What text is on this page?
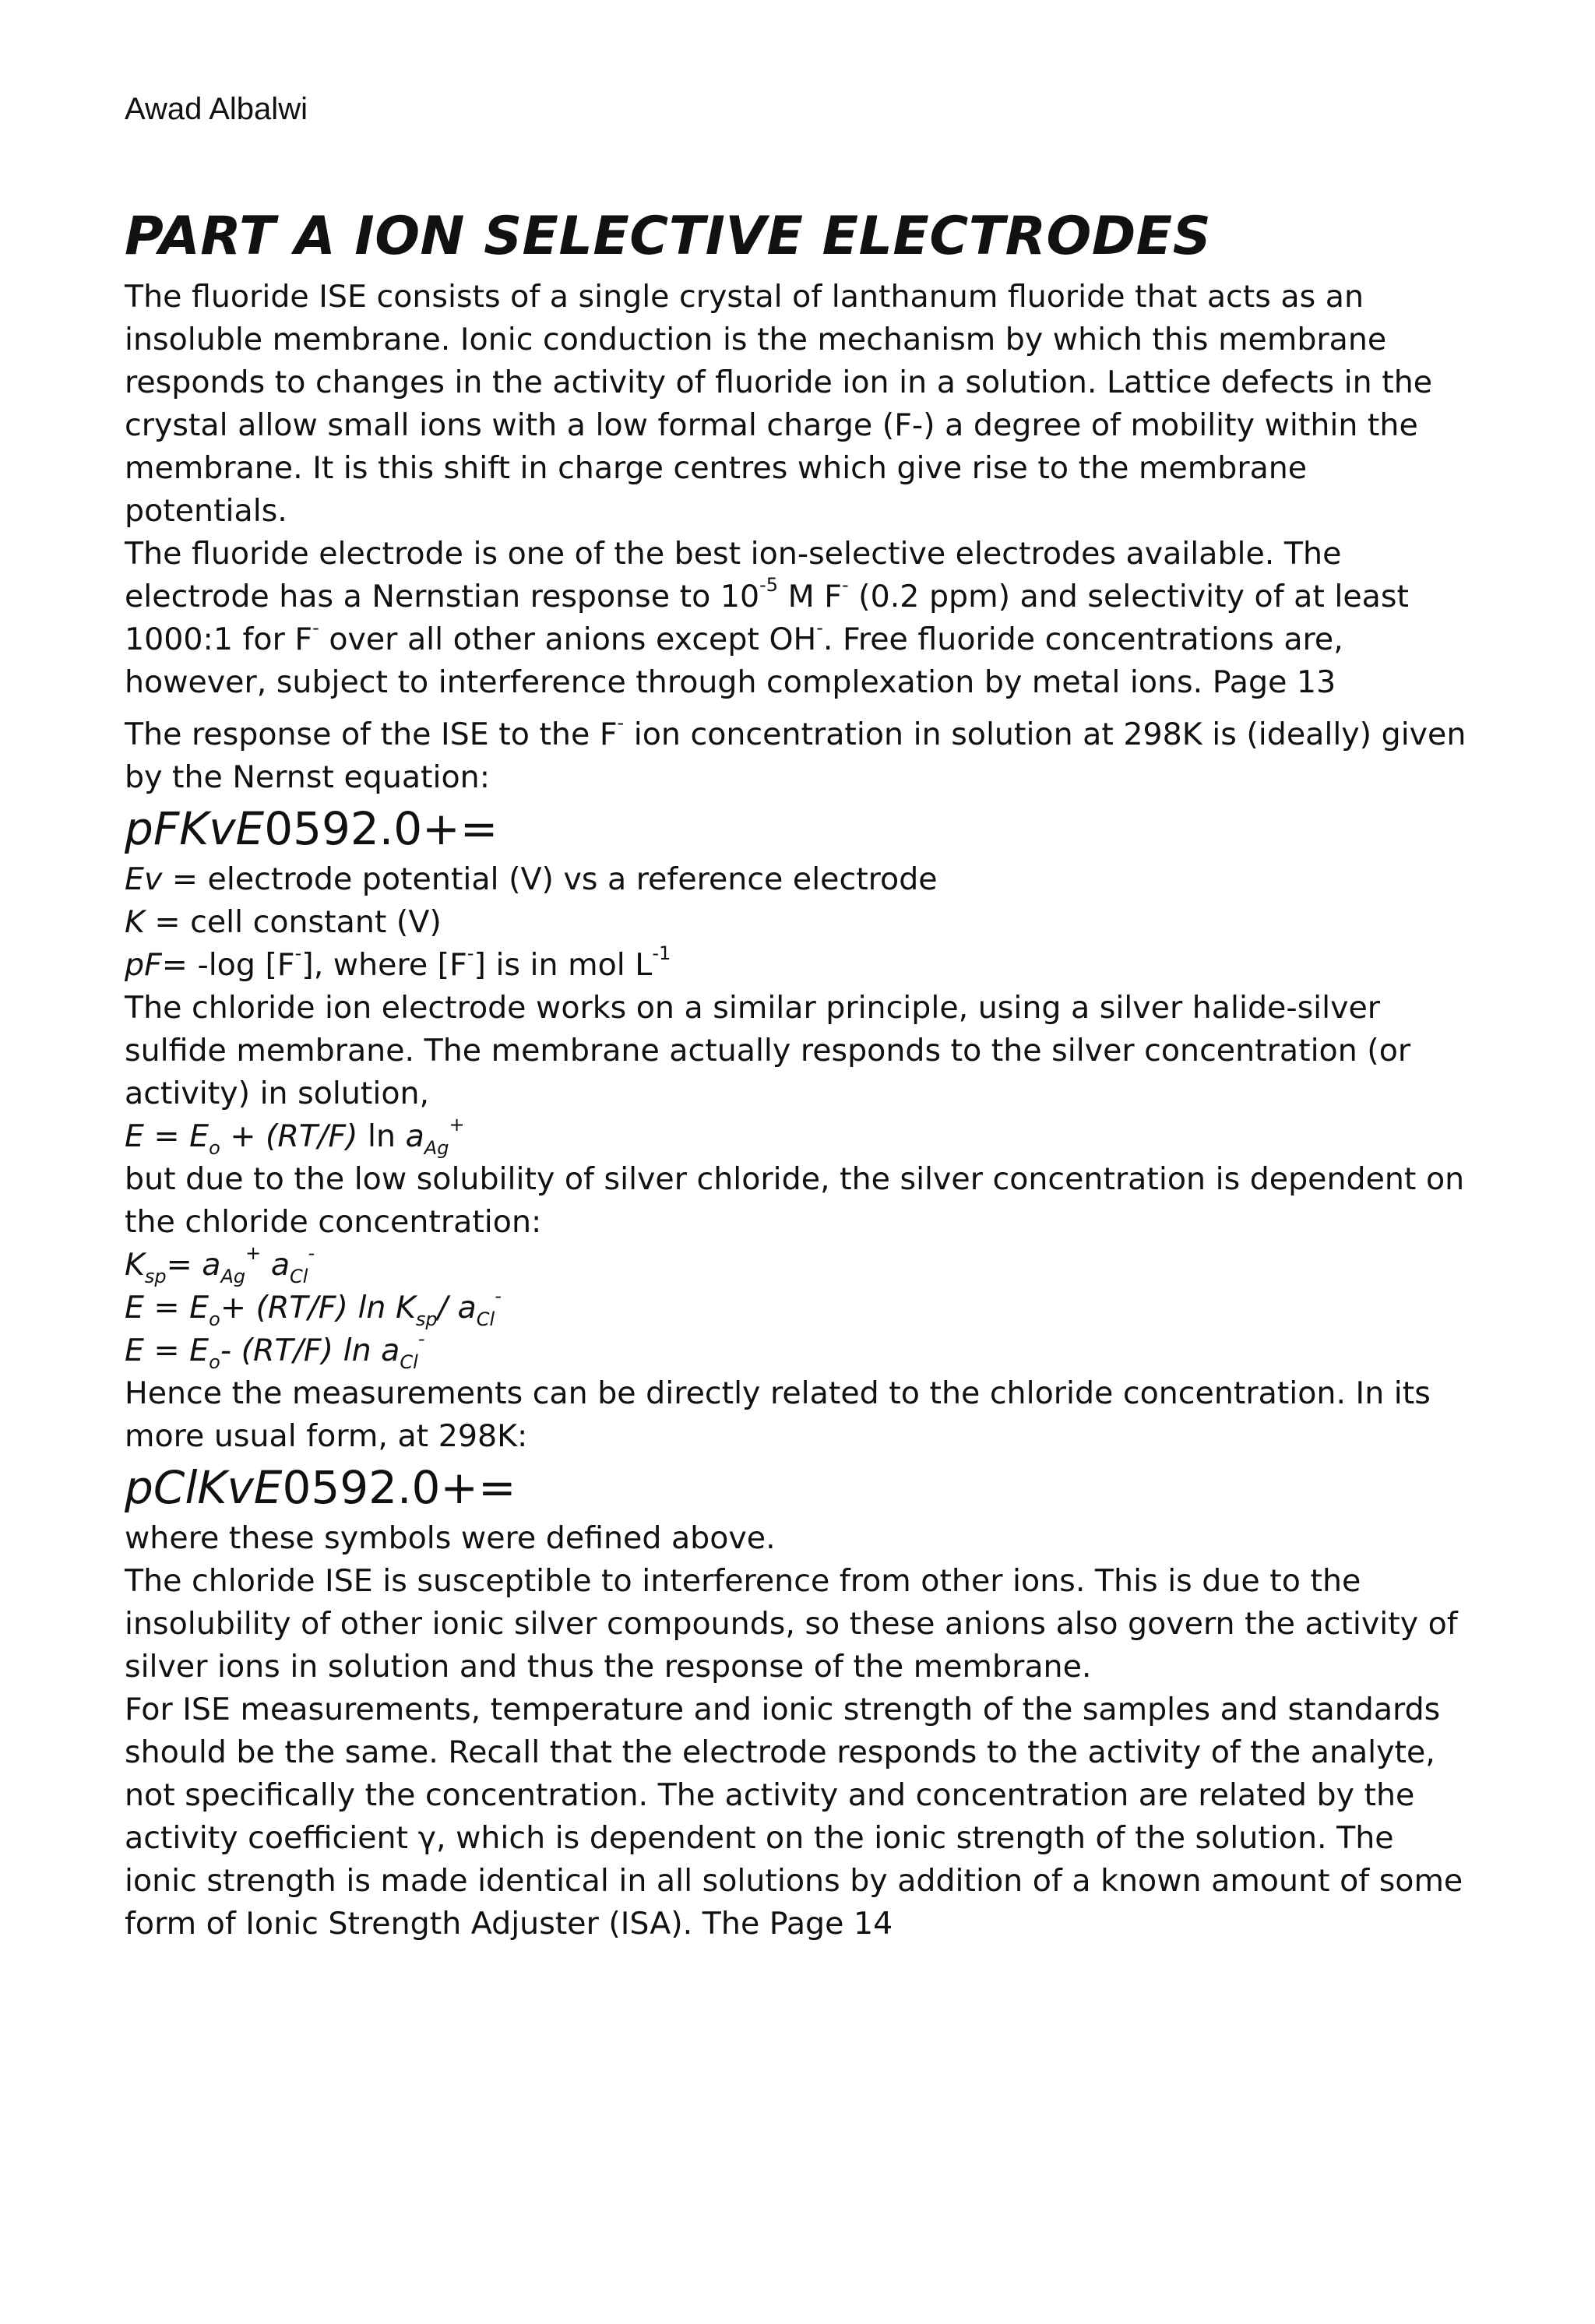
Awad Albalwi
PART A ION SELECTIVE ELECTRODES

The fluoride ISE consists of a single crystal of lanthanum fluoride that acts as an insoluble membrane. Ionic conduction is the mechanism by which this membrane responds to changes in the activity of fluoride ion in a solution. Lattice defects in the crystal allow small ions with a low formal charge (F-) a degree of mobility within the membrane. It is this shift in charge centres which give rise to the membrane potentials.

The fluoride electrode is one of the best ion-selective electrodes available. The electrode has a Nernstian response to $10^{-5}$ M F- (0.2 ppm) and selectivity of at least 1000:1 for F- over all other anions except OH-. Free fluoride concentrations are, however, subject to interference through complexation by metal ions. Page 13

The response of the ISE to the F- ion concentration in solution at 298K is (ideally) given by the Nernst equation:

pFKvE0592.0+=

Ev = electrode potential (V) vs a reference electrode

K = cell constant (V)

pF= -log [F-], where [F-] is in mol $L^{-1}$

The chloride ion electrode works on a similar principle, using a silver halide-silver sulfide membrane. The membrane actually responds to the silver concentration (or activity) in solution,

$E = E_o + (RT/F)$ $\ln a_{Ag}^+$

but due to the low solubility of silver chloride, the silver concentration is dependent on the chloride concentration:

$K_{sp}= a_{Ag}^+$ $a_{Cl}^-$

$E = E_o+ (RT/F)$ $\ln K_{sp}/$ $a_{Cl}^-$

$E = E_o-$ (RT/F) $\ln a_{Cl}^-$

Hence the measurements can be directly related to the chloride concentration. In its more usual form, at 298K:

pClKvE0592.0+=

where these symbols were defined above.

The chloride ISE is susceptible to interference from other ions. This is due to the insolubility of other ionic silver compounds, so these anions also govern the activity of silver ions in solution and thus the response of the membrane.

For ISE measurements, temperature and ionic strength of the samples and standards should be the same. Recall that the electrode responds to the activity of the analyte, not specifically the concentration. The activity and concentration are related by the activity coefficient γ, which is dependent on the ionic strength of the solution. The ionic strength is made identical in all solutions by addition of a known amount of some form of Ionic Strength Adjuster (ISA). The Page 14
